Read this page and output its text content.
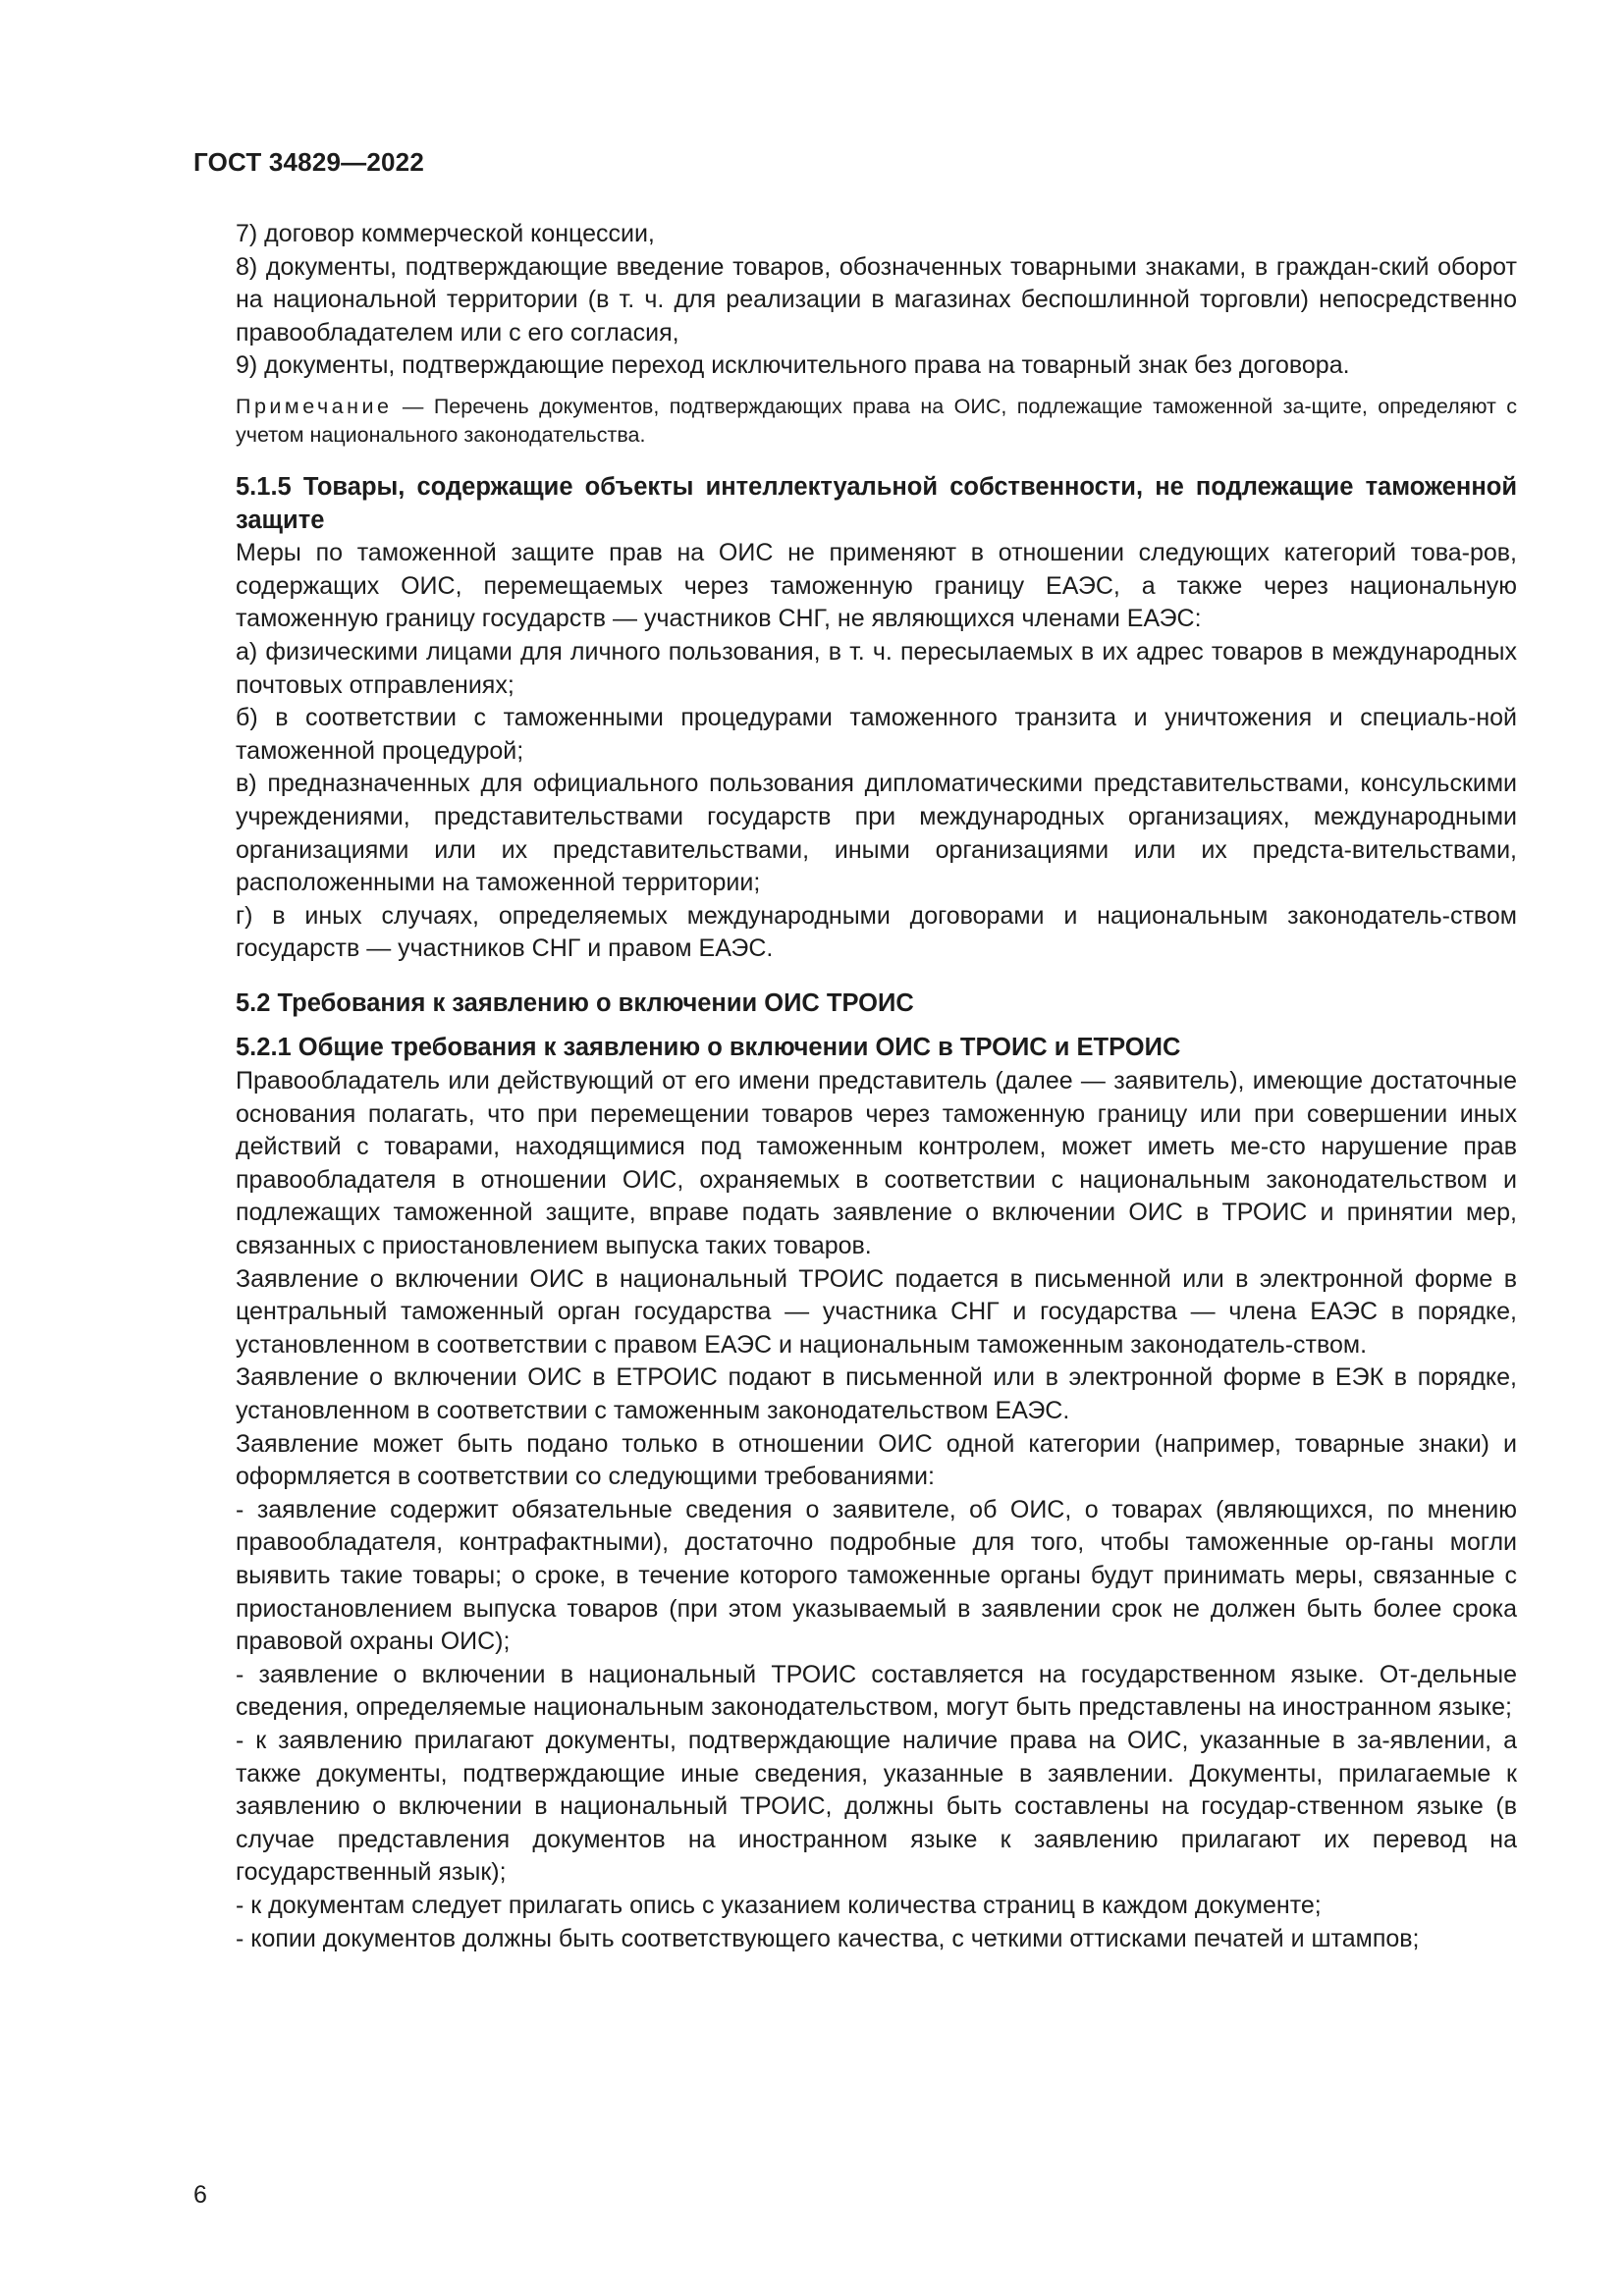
ГОСТ 34829—2022

7) договор коммерческой концессии,

8) документы, подтверждающие введение товаров, обозначенных товарными знаками, в граждан-ский оборот на национальной территории (в т. ч. для реализации в магазинах беспошлинной торговли) непосредственно правообладателем или с его согласия,

9) документы, подтверждающие переход исключительного права на товарный знак без договора.

Примечание — Перечень документов, подтверждающих права на ОИС, подлежащие таможенной за-щите, определяют с учетом национального законодательства.

5.1.5 Товары, содержащие объекты интеллектуальной собственности, не подлежащие таможенной защите

Меры по таможенной защите прав на ОИС не применяют в отношении следующих категорий това-ров, содержащих ОИС, перемещаемых через таможенную границу ЕАЭС, а также через национальную таможенную границу государств — участников СНГ, не являющихся членами ЕАЭС:

а) физическими лицами для личного пользования, в т. ч. пересылаемых в их адрес товаров в международных почтовых отправлениях;

б) в соответствии с таможенными процедурами таможенного транзита и уничтожения и специаль-ной таможенной процедурой;

в) предназначенных для официального пользования дипломатическими представительствами, консульскими учреждениями, представительствами государств при международных организациях, международными организациями или их представительствами, иными организациями или их предста-вительствами, расположенными на таможенной территории;

г) в иных случаях, определяемых международными договорами и национальным законодатель-ством государств — участников СНГ и правом ЕАЭС.

5.2 Требования к заявлению о включении ОИС ТРОИС

5.2.1 Общие требования к заявлению о включении ОИС в ТРОИС и ЕТРОИС

Правообладатель или действующий от его имени представитель (далее — заявитель), имеющие достаточные основания полагать, что при перемещении товаров через таможенную границу или при совершении иных действий с товарами, находящимися под таможенным контролем, может иметь ме-сто нарушение прав правообладателя в отношении ОИС, охраняемых в соответствии с национальным законодательством и подлежащих таможенной защите, вправе подать заявление о включении ОИС в ТРОИС и принятии мер, связанных с приостановлением выпуска таких товаров.

Заявление о включении ОИС в национальный ТРОИС подается в письменной или в электронной форме в центральный таможенный орган государства — участника СНГ и государства — члена ЕАЭС в порядке, установленном в соответствии с правом ЕАЭС и национальным таможенным законодатель-ством.

Заявление о включении ОИС в ЕТРОИС подают в письменной или в электронной форме в ЕЭК в порядке, установленном в соответствии с таможенным законодательством ЕАЭС.

Заявление может быть подано только в отношении ОИС одной категории (например, товарные знаки) и оформляется в соответствии со следующими требованиями:

- заявление содержит обязательные сведения о заявителе, об ОИС, о товарах (являющихся, по мнению правообладателя, контрафактными), достаточно подробные для того, чтобы таможенные ор-ганы могли выявить такие товары; о сроке, в течение которого таможенные органы будут принимать меры, связанные с приостановлением выпуска товаров (при этом указываемый в заявлении срок не должен быть более срока правовой охраны ОИС);

- заявление о включении в национальный ТРОИС составляется на государственном языке. От-дельные сведения, определяемые национальным законодательством, могут быть представлены на иностранном языке;

- к заявлению прилагают документы, подтверждающие наличие права на ОИС, указанные в за-явлении, а также документы, подтверждающие иные сведения, указанные в заявлении. Документы, прилагаемые к заявлению о включении в национальный ТРОИС, должны быть составлены на государ-ственном языке (в случае представления документов на иностранном языке к заявлению прилагают их перевод на государственный язык);

- к документам следует прилагать опись с указанием количества страниц в каждом документе;

- копии документов должны быть соответствующего качества, с четкими оттисками печатей и штампов;

6
